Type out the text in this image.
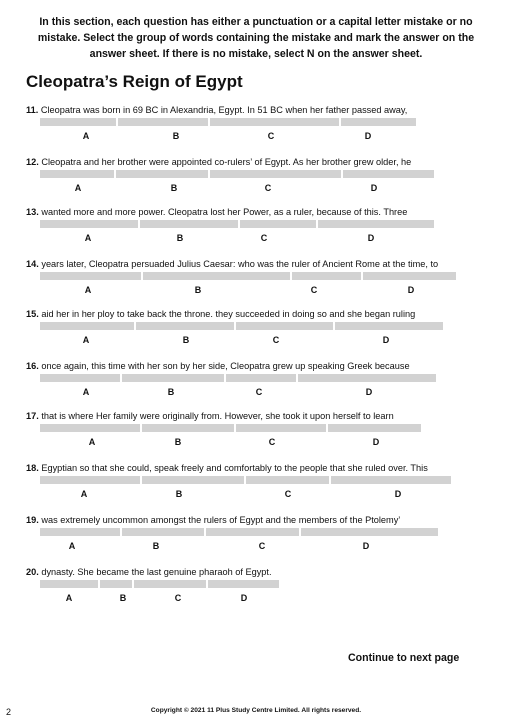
In this section, each question has either a punctuation or a capital letter mistake or no mistake. Select the group of words containing the mistake and mark the answer on the answer sheet. If there is no mistake, select N on the answer sheet.
Cleopatra’s Reign of Egypt
11. Cleopatra was born in 69 BC in Alexandria, Egypt. In 51 BC when her father passed away,
A	B	C	D
12. Cleopatra and her brother were appointed co-rulers’ of Egypt. As her brother grew older, he
A	B	C	D
13. wanted more and more power. Cleopatra lost her Power, as a ruler, because of this. Three
A	B	C	D
14. years later, Cleopatra persuaded Julius Caesar: who was the ruler of Ancient Rome at the time, to
A	B	C	D
15. aid her in her ploy to take back the throne. they succeeded in doing so and she began ruling
A	B	C	D
16. once again, this time with her son by her side, Cleopatra grew up speaking Greek because
A	B	C	D
17. that is where Her family were originally from. However, she took it upon herself to learn
A	B	C	D
18. Egyptian so that she could, speak freely and comfortably to the people that she ruled over. This
A	B	C	D
19. was extremely uncommon amongst the rulers of Egypt and the members of the Ptolemy’
A	B	C	D
20. dynasty. She became the last genuine pharaoh of Egypt.
A	B	C	D
Continue to next page
2	Copyright © 2021 11 Plus Study Centre Limited. All rights reserved.
